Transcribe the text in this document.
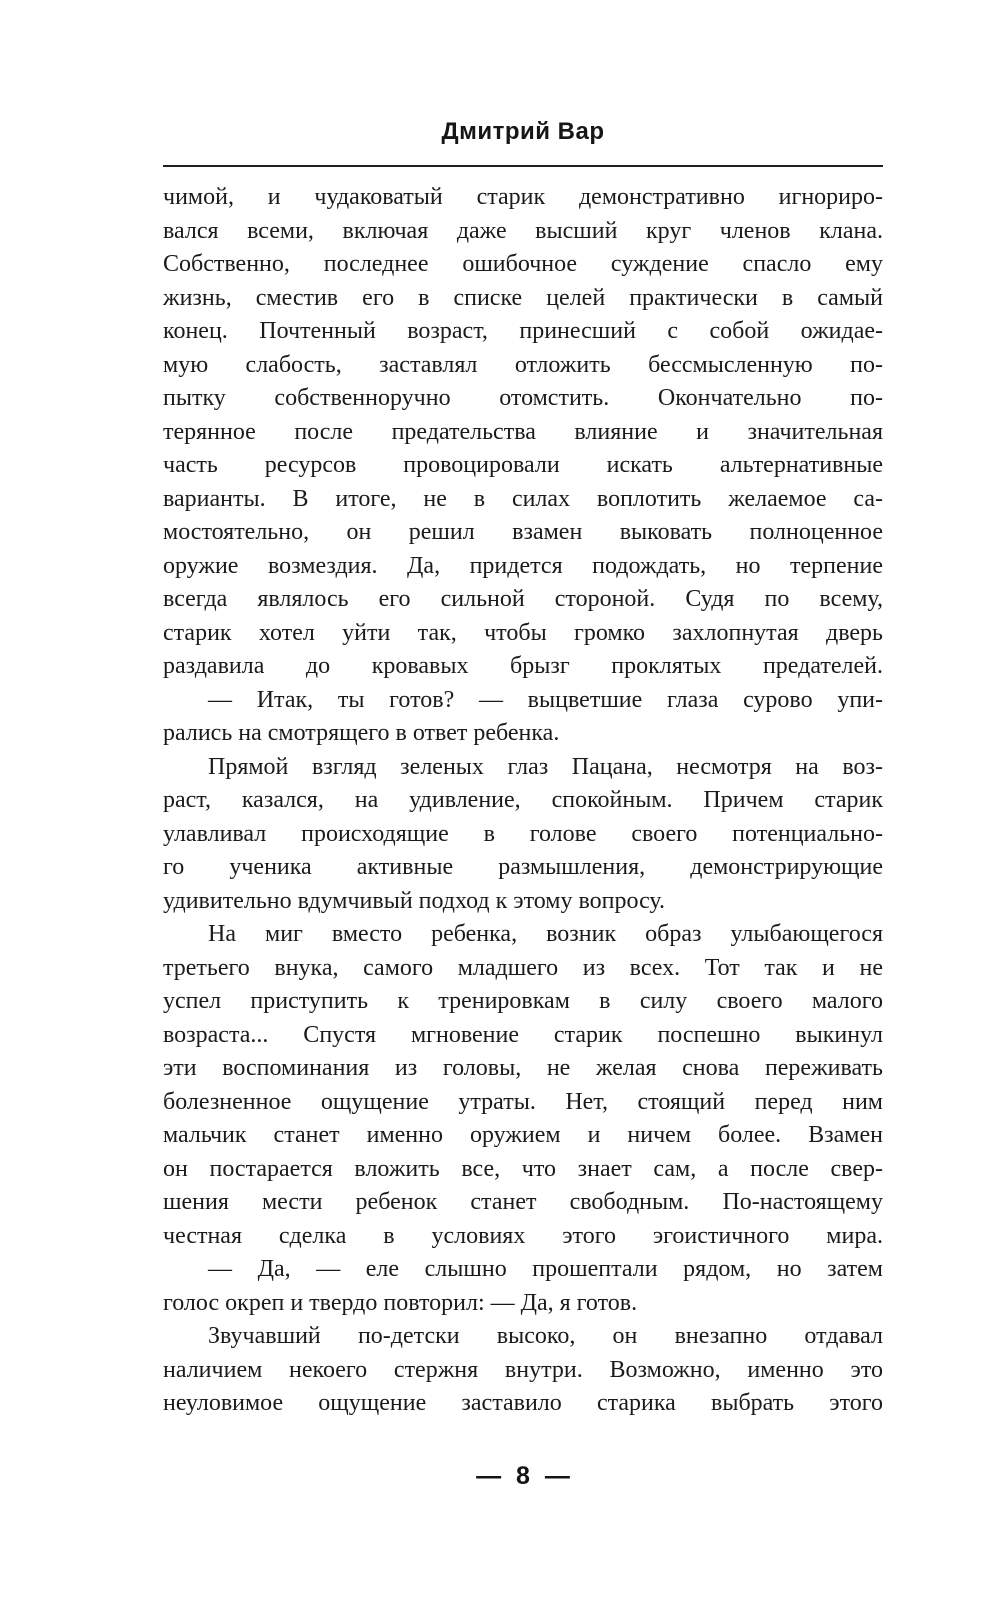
Дмитрий Вар
чимой, и чудаковатый старик демонстративно игнориро-
вался всеми, включая даже высший круг членов клана.
Собственно, последнее ошибочное суждение спасло ему
жизнь, сместив его в списке целей практически в самый
конец. Почтенный возраст, принесший с собой ожидае-
мую слабость, заставлял отложить бессмысленную по-
пытку собственноручно отомстить. Окончательно по-
терянное после предательства влияние и значительная
часть ресурсов провоцировали искать альтернативные
варианты. В итоге, не в силах воплотить желаемое са-
мостоятельно, он решил взамен выковать полноценное
оружие возмездия. Да, придется подождать, но терпение
всегда являлось его сильной стороной. Судя по всему,
старик хотел уйти так, чтобы громко захлопнутая дверь
раздавила до кровавых брызг проклятых предателей.
— Итак, ты готов? — выцветшие глаза сурово упи-
рались на смотрящего в ответ ребенка.
Прямой взгляд зеленых глаз Пацана, несмотря на воз-
раст, казался, на удивление, спокойным. Причем старик
улавливал происходящие в голове своего потенциально-
го ученика активные размышления, демонстрирующие
удивительно вдумчивый подход к этому вопросу.
На миг вместо ребенка, возник образ улыбающегося
третьего внука, самого младшего из всех. Тот так и не
успел приступить к тренировкам в силу своего малого
возраста... Спустя мгновение старик поспешно выкинул
эти воспоминания из головы, не желая снова переживать
болезненное ощущение утраты. Нет, стоящий перед ним
мальчик станет именно оружием и ничем более. Взамен
он постарается вложить все, что знает сам, а после свер-
шения мести ребенок станет свободным. По-настоящему
честная сделка в условиях этого эгоистичного мира.
— Да, — еле слышно прошептали рядом, но затем
голос окреп и твердо повторил: — Да, я готов.
Звучавший по-детски высоко, он внезапно отдавал
наличием некоего стержня внутри. Возможно, именно это
неуловимое ощущение заставило старика выбрать этого
— 8 —
